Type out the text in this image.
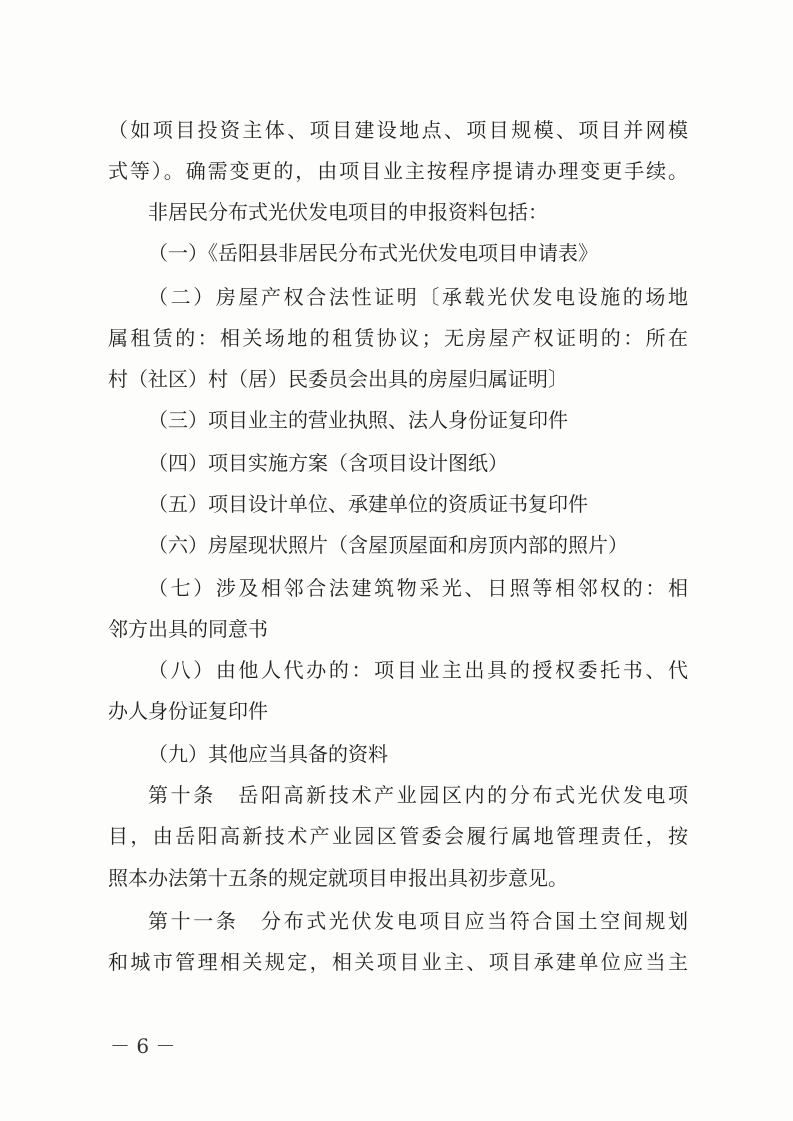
（如项目投资主体、项目建设地点、项目规模、项目并网模
式等）。确需变更的，由项目业主按程序提请办理变更手续。
非居民分布式光伏发电项目的申报资料包括：
（一）《岳阳县非居民分布式光伏发电项目申请表》
（二）房屋产权合法性证明〔承载光伏发电设施的场地
属租赁的：相关场地的租赁协议；无房屋产权证明的：所在
村（社区）村（居）民委员会出具的房屋归属证明〕
（三）项目业主的营业执照、法人身份证复印件
（四）项目实施方案（含项目设计图纸）
（五）项目设计单位、承建单位的资质证书复印件
（六）房屋现状照片（含屋顶屋面和房顶内部的照片）
（七）涉及相邻合法建筑物采光、日照等相邻权的：相
邻方出具的同意书
（八）由他人代办的：项目业主出具的授权委托书、代
办人身份证复印件
（九）其他应当具备的资料
第十条　岳阳高新技术产业园区内的分布式光伏发电项
目，由岳阳高新技术产业园区管委会履行属地管理责任，按
照本办法第十五条的规定就项目申报出具初步意见。
第十一条　分布式光伏发电项目应当符合国土空间规划
和城市管理相关规定，相关项目业主、项目承建单位应当主
－ 6 －
